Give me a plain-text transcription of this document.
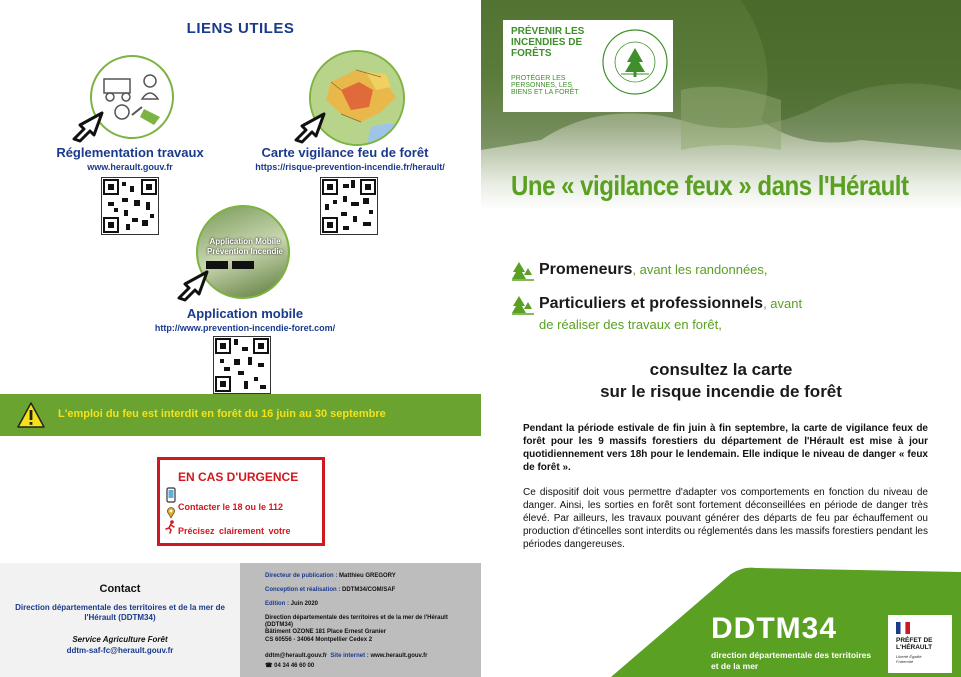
LIENS UTILES
Réglementation travaux
www.herault.gouv.fr
Carte vigilance feu de forêt
https://risque-prevention-incendie.fr/herault/
Application Mobile Prévention Incendie
Application mobile
http://www.prevention-incendie-foret.com/
L'emploi du feu est interdit en forêt du 16 juin au 30 septembre
EN CAS D'URGENCE
Contacter le 18 ou le 112
Précisez clairement votre
Contact
Direction départementale des territoires et de la mer de l'Hérault (DDTM34)
Service Agriculture Forêt
ddtm-saf-fc@herault.gouv.fr
Directeur de publication : Matthieu GREGORY
Conception et réalisation : DDTM34/COM/SAF
Edition : Juin 2020
Direction départementale des territoires et de la mer de l'Hérault (DDTM34)
Bâtiment OZONE 181 Place Ernest Granier
CS 60556 - 34064 Montpellier Cedex 2
ddtm@herault.gouv.fr Site internet : www.herault.gouv.fr
☎ 04 34 46 60 00
PRÉVENIR LES INCENDIES DE FORÊTS
PROTÉGER LES PERSONNES, LES BIENS ET LA FORÊT
Une « vigilance feux » dans l'Hérault
Promeneurs, avant les randonnées,
Particuliers et professionnels, avant
de réaliser des travaux en forêt,
consultez la carte
sur le risque incendie de forêt
Pendant la période estivale de fin juin à fin septembre, la carte de vigilance feux de forêt pour les 9 massifs forestiers du département de l'Hérault est mise à jour quotidiennement vers 18h pour le lendemain. Elle indique le niveau de danger « feux de forêt ».
Ce dispositif doit vous permettre d'adapter vos comportements en fonction du niveau de danger. Ainsi, les sorties en forêt sont fortement déconseillées en période de danger très élevé. Par ailleurs, les travaux pouvant générer des départs de feu par échauffement ou production d'étincelles sont interdits ou réglementés dans les massifs forestiers pendant les périodes dangereuses.
DDTM34
direction départementale des territoires et de la mer
PRÉFET DE L'HÉRAULT
Liberté Égalité Fraternité
